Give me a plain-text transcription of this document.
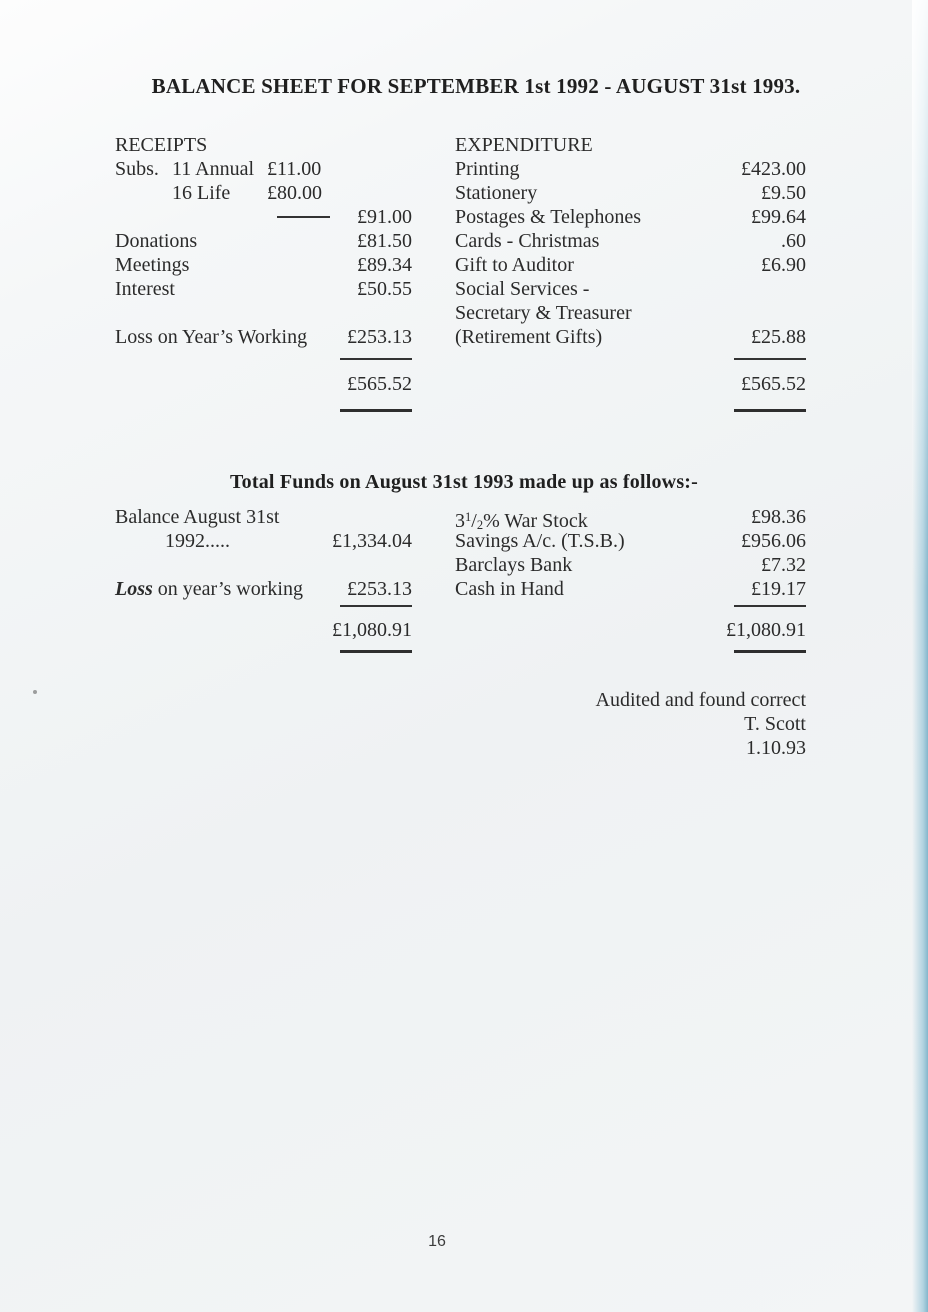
BALANCE SHEET FOR SEPTEMBER 1st 1992 - AUGUST 31st 1993.
RECEIPTS
Subs. 11 Annual £11.00
16 Life £80.00
£91.00
Donations	£81.50
Meetings	£89.34
Interest	£50.55
Loss on Year’s Working £253.13
£565.52
EXPENDITURE
Printing	£423.00
Stationery	£9.50
Postages & Telephones	£99.64
Cards - Christmas	.60
Gift to Auditor	£6.90
Social Services -
Secretary & Treasurer
(Retirement Gifts)	£25.88
£565.52
Total Funds on August 31st 1993 made up as follows:-
Balance August 31st
1992.....	£1,334.04
Loss on year’s working £253.13
£1,080.91
$3^1/_2\%$ War Stock	£98.36
Savings A/c. (T.S.B.)	£956.06
Barclays Bank	£7.32
Cash in Hand	£19.17
£1,080.91
Audited and found correct
T. Scott
1.10.93
16
